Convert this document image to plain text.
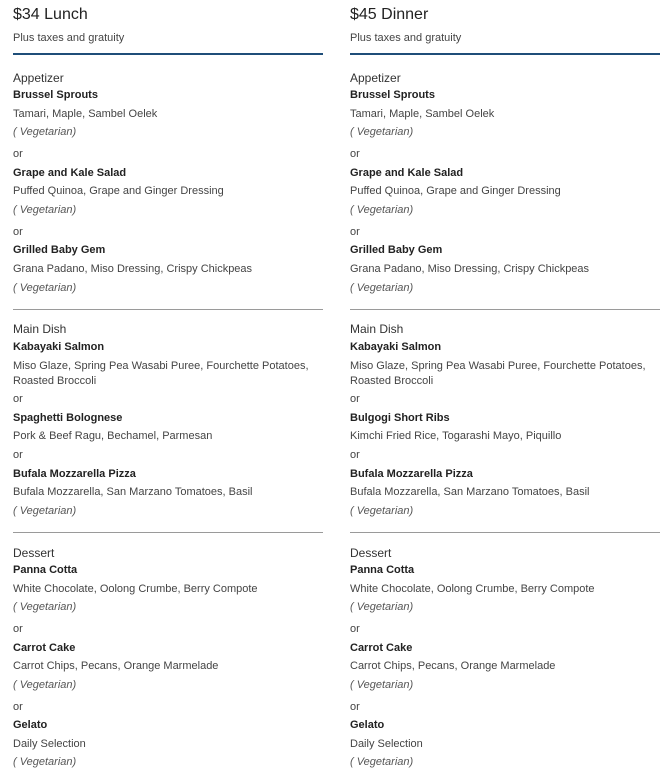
$34 Lunch
Plus taxes and gratuity
Appetizer
Brussel Sprouts
Tamari, Maple, Sambel Oelek
( Vegetarian)
or
Grape and Kale Salad
Puffed Quinoa, Grape and Ginger Dressing
( Vegetarian)
or
Grilled Baby Gem
Grana Padano, Miso Dressing, Crispy Chickpeas
( Vegetarian)
Main Dish
Kabayaki Salmon
Miso Glaze, Spring Pea Wasabi Puree, Fourchette Potatoes, Roasted Broccoli
or
Spaghetti Bolognese
Pork & Beef Ragu, Bechamel, Parmesan
or
Bufala Mozzarella Pizza
Bufala Mozzarella, San Marzano Tomatoes, Basil
( Vegetarian)
Dessert
Panna Cotta
White Chocolate, Oolong Crumbe, Berry Compote
( Vegetarian)
or
Carrot Cake
Carrot Chips, Pecans, Orange Marmelade
( Vegetarian)
or
Gelato
Daily Selection
( Vegetarian)
$45 Dinner
Plus taxes and gratuity
Appetizer
Brussel Sprouts
Tamari, Maple, Sambel Oelek
( Vegetarian)
or
Grape and Kale Salad
Puffed Quinoa, Grape and Ginger Dressing
( Vegetarian)
or
Grilled Baby Gem
Grana Padano, Miso Dressing, Crispy Chickpeas
( Vegetarian)
Main Dish
Kabayaki Salmon
Miso Glaze, Spring Pea Wasabi Puree, Fourchette Potatoes, Roasted Broccoli
or
Bulgogi Short Ribs
Kimchi Fried Rice, Togarashi Mayo, Piquillo
or
Bufala Mozzarella Pizza
Bufala Mozzarella, San Marzano Tomatoes, Basil
( Vegetarian)
Dessert
Panna Cotta
White Chocolate, Oolong Crumbe, Berry Compote
( Vegetarian)
or
Carrot Cake
Carrot Chips, Pecans, Orange Marmelade
( Vegetarian)
or
Gelato
Daily Selection
( Vegetarian)
